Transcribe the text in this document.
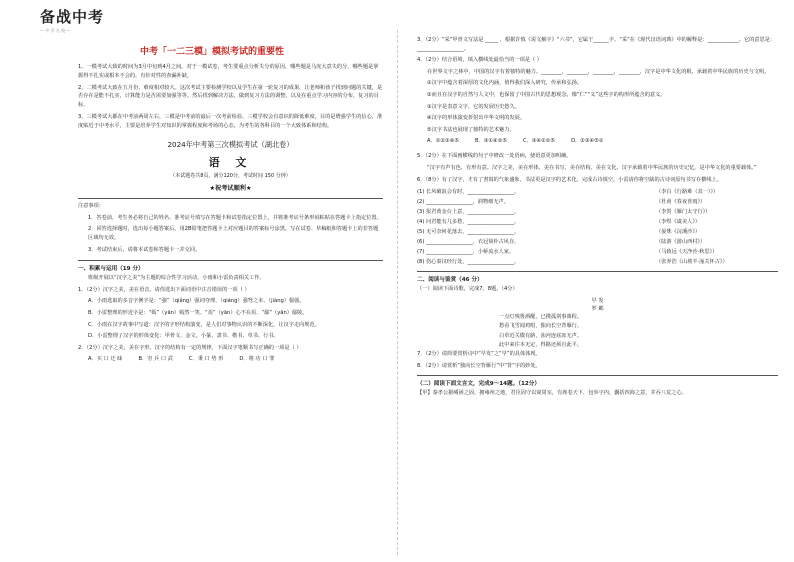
备战中考
— 中 学 名 校 —
中考「一二三模」模拟考试的重要性
1、一模考试大致的时间为3月中旬到4月之间。对于一模试卷，考生要重点分析失分的原因，哪些题是马虎大意失的分，哪些题是掌握得不扎实或根本不会的，有针对性的查漏补缺。
2、二模考试大致在五月份，难度相对较大。这次考试主要检测学校以及学生在第一轮复习的成果，让老师和孩子找到问题的关键，是否存在是能不扎实，计算能力是否需要加强等等。然后找到解决方法，做到复习方法的调整，以及在重点学习内容的分布，复习的目标。
3、三模考试大都在中考前两周左右，三模是中考前的最后一次考前检验。三模学校会有意识的降低难度，目的是增强学生的信心，准度贴近于中考水平，主要是培养学生对知识的掌握程度和考场的心态，为考生的各科目的一个大致体系和结构。
2024年中考第三次模拟考试（湖北卷）
语 文
（本试题卷共8页，满分120分，考试时间 150 分钟）
★祝考试顺利★
注意事项：
1．答卷前，考生务必将自己的姓名、准考证号填写在答题卡和试卷指定位置上，并将准考证号条形码粘贴在答题卡上指定位置。
2．回答选择题时，选出每小题答案后，用2B铅笔把答题卡上对应题目的答案标号涂黑。写在试卷、草稿纸和答题卡上的非答题区域均无效。
3．考试结束后，请将本试卷和答题卡一并交回。
一、积累与运用（19 分）
班级开展以“汉字之美”为主题的综合性学习活动，小雨和小雷负责相关工作。
1．（2分）汉字之美，美在语音。请你选出下面词语中注音错误的一项（ ）
A．小雨选取的多音字例字是：“强”（qiǎng）强词夺理、（qiáng）强弩之末、（jiàng）倔强。
B．小雷整理的形近字是：“嫣”（yān）嫣然一笑、“焉”（yān）心不在焉、“鄢”（yān）鄢陵。
C．小雨在汉字故事中写道：汉字的字形结构演变，是人们对事物认识的不断深化，让汉字走向规范。
D．小雷整理了汉字的形体变化：甲骨文、金文、小篆、隶书、楷书、草书、行书。
2．（2分）汉字之美，美在字形。汉字的结构有一定的规律，下面汉字笔顺书写正确的一项是（ ）
A．买 口 迂 味	B．穷 兵 口 武	C．秉 口 势 形	D．将 功 口 罪
3．（2分）“采”甲骨文写法是 _____ ，根据许慎《说文解字》“六书”，它属于______字。“采”在《现代汉语词典》中的解释是：____________。它的意思是：__________________。
4．（2分）结合语境，填入横线处最恰当的一项是（ ）
在世界文字之林中，中国的汉字有着独特的魅力。________，________，________，________，汉字是中华文化的根，承载着中华民族的历史与文明。
①汉字中蕴含着深厚的文化内涵，值得我们深入研究，传承和弘扬。
②而且在汉字的自然与人文中，也保留了中国古代的思想观念，像“仁”“义”这些字的构形所蕴含的意义。
③汉字是表意文字，它的发展历史悠久。
④汉字的形体演变折射出中华文明的发展。
⑤汉字书法也展现了独特的艺术魅力。
A．①②③④⑤	B．③①④②⑤	C．③④②①⑤	D．②③④⑤①
5．（2分）在下面画横线的句子中修改一处语病，使语意更加明确。
“汉字有声有色，有形有意。汉字之美，美在形体，美在书写，美在结构，美在文化。汉字承载着中华民族的历史记忆，是中华文化的重要载体。”
6．（8分）有了汉字，才有了書寫的气象盛象，书法更是汉字的艺术化，完成古诗填空。小雷请你将空缺的古诗词原句书写在横线上。
(1) 长风破浪会有时，__________________。	（李白《行路难（其一）》）
(2) __________________，润物细无声。	（杜甫《春夜喜雨》）
(3) 报君黄金台上意，__________________。	（李贺《雁门太守行》）
(4) 问君能有几多愁，__________________。	（李煜《虞美人》）
(5) 无可奈何花落去，__________________。	（晏殊《浣溪沙》）
(6) __________________，衣冠简朴古风存。	（陆游《游山西村》）
(7) __________________，小桥流水人家。	（马致远《天净沙·秋思》）
(8) 伤心秦汉经行处，__________________。	（张养浩《山坡羊·潼关怀古》）
二、阅读与鉴赏（46 分）
（一）阅读下面诗歌，完成7、8题。（4分）
早 发
罗 邺
一点灯残鲁酒醒，已携孤剑事离程。
愁看飞雪闻鸡唱，独向长空背雁行。
白草近关微有路，浊河连底冻无声。
此中来往本无定，得路还须自此平。
7．（2分）请简要赏析诗中“早发”之“早”的具体体现。
8．（2分）请赏析“独向长空背雁行”中“背”字的妙处。
（二）阅读下面文言文，完成9～14题。（12分）
【甲】秦孝公据崤函之固，拥雍州之地，君臣固守以窥周室，有席卷天下，包举宇内，囊括四海之意，并吞八荒之心。
